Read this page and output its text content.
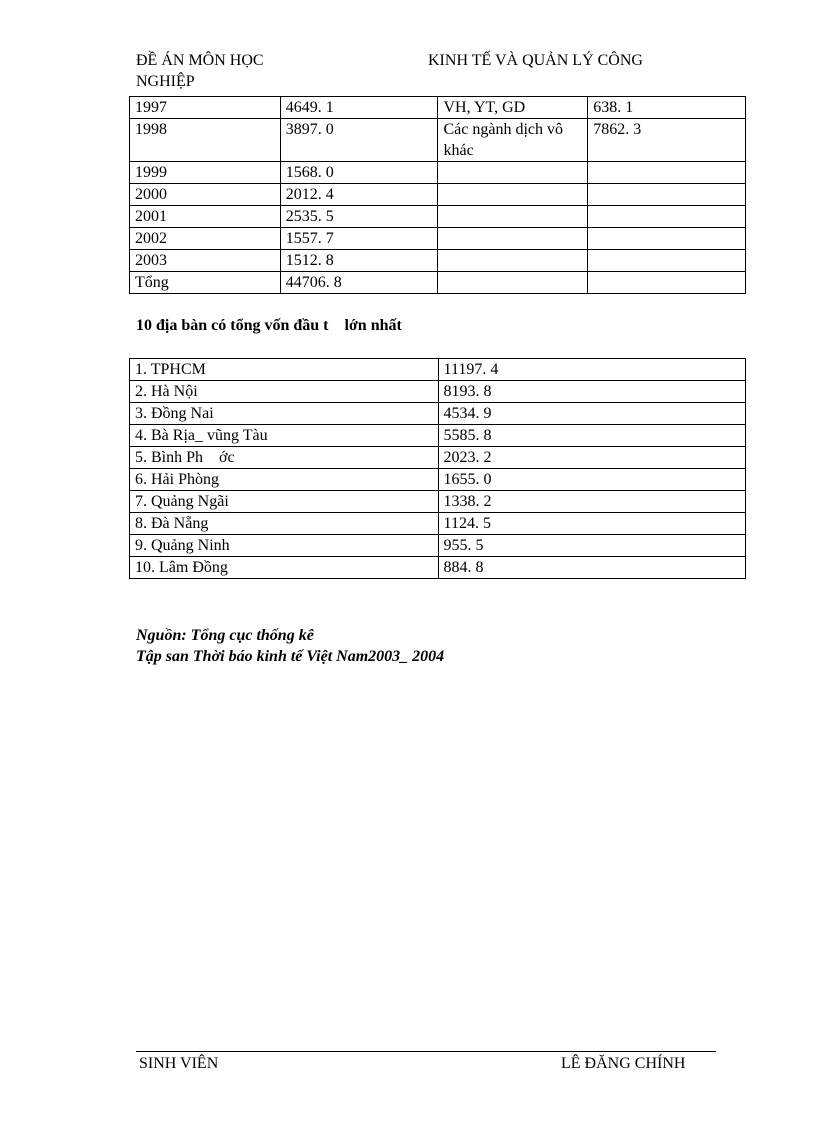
ĐỀ ÁN MÔN HỌC
NGHIỆP
KINH TẾ VÀ QUẢN LÝ CÔNG
1997	4649. 1	VH, YT, GD	638. 1
1998	3897. 0	Các ngành dịch vô khác	7862. 3
1999	1568. 0		
2000	2012. 4		
2001	2535. 5		
2002	1557. 7		
2003	1512. 8		
Tổng	44706. 8		
10 địa bàn có tổng vốn đầu t    lớn nhất
1. TPHCM	11197. 4
2. Hà Nội	8193. 8
3. Đồng Nai	4534. 9
4. Bà Rịa_ vũng Tàu	5585. 8
5. Bình Ph    ớc	2023. 2
6. Hải Phòng	1655. 0
7. Quảng Ngãi	1338. 2
8. Đà Nẵng	1124. 5
9. Quảng Ninh	955. 5
10. Lâm Đồng	884. 8
Nguồn: Tổng cục thống kê
Tập san Thời báo kinh tế Việt Nam2003_ 2004
SINH VIÊN	LÊ ĐĂNG CHÍNH
